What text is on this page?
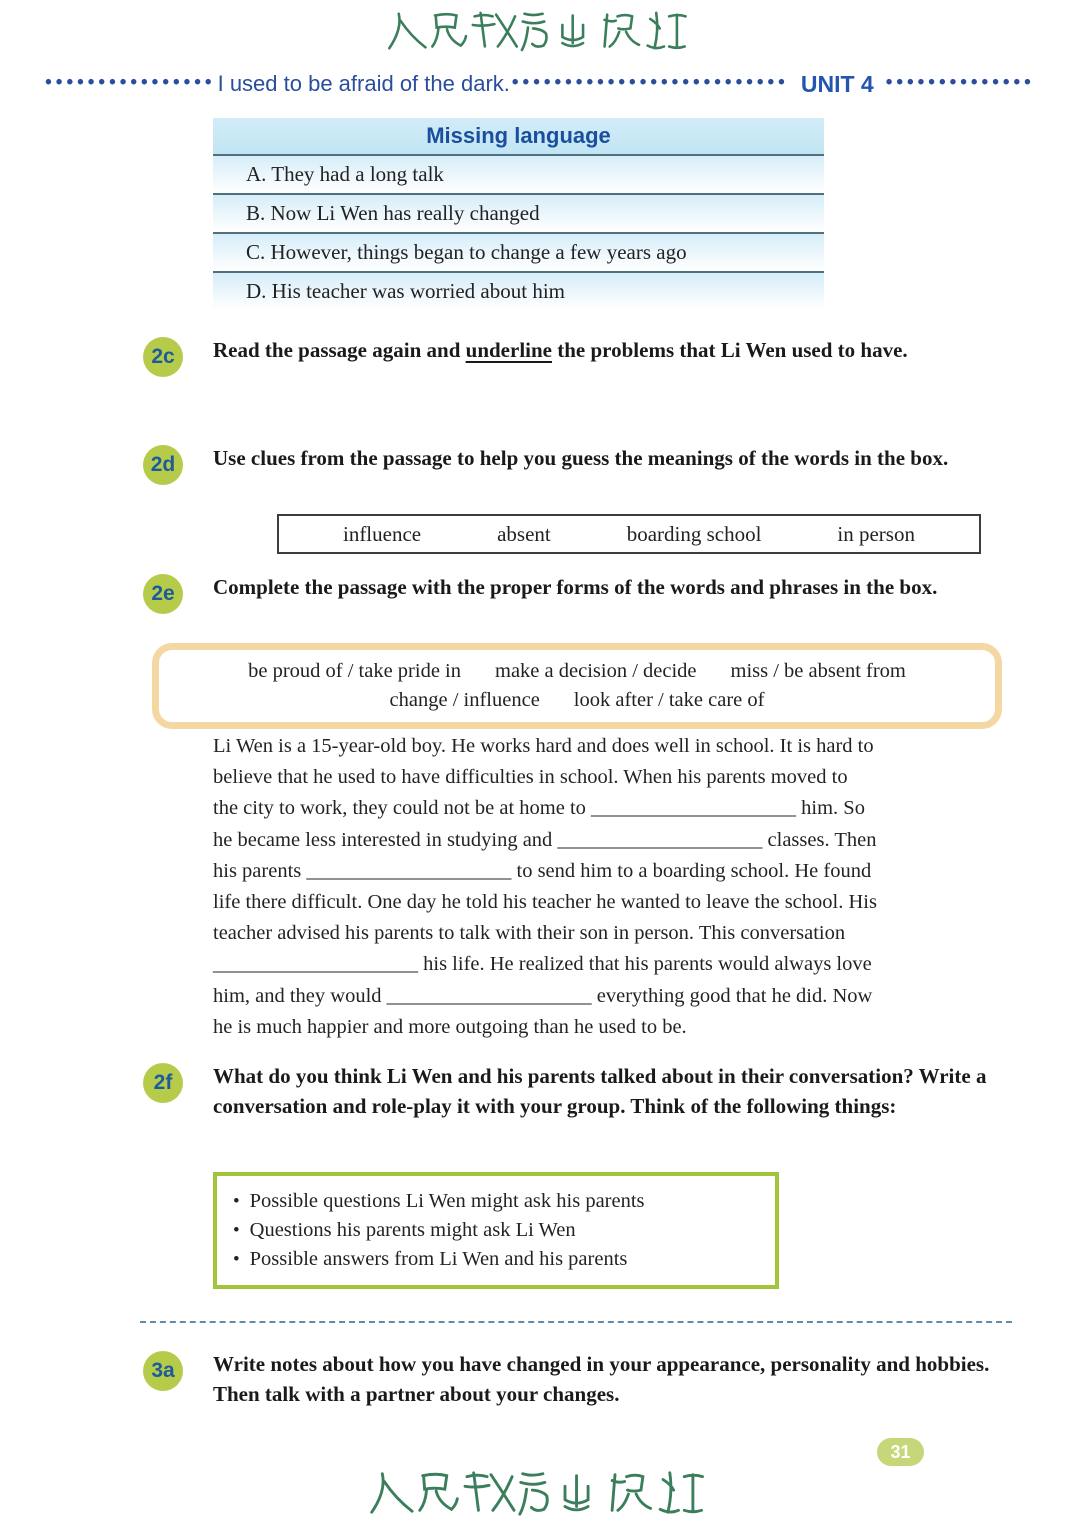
•••••••••••••••• I used to be afraid of the dark. •••••••••••••••••••••••••• UNIT 4 ••••••••••••••
Missing language
A. They had a long talk
B. Now Li Wen has really changed
C. However, things began to change a few years ago
D. His teacher was worried about him
2c	Read the passage again and underline the problems that Li Wen used to have.
2d	Use clues from the passage to help you guess the meanings of the words in the box.
influence	absent	boarding school	in person
2e	Complete the passage with the proper forms of the words and phrases in the box.
be proud of / take pride in make a decision / decide miss / be absent from
change / influence look after / take care of
Li Wen is a 15-year-old boy. He works hard and does well in school. It is hard to
believe that he used to have difficulties in school. When his parents moved to
the city to work, they could not be at home to ____________________ him. So
he became less interested in studying and ____________________ classes. Then
his parents ____________________ to send him to a boarding school. He found
life there difficult. One day he told his teacher he wanted to leave the school. His
teacher advised his parents to talk with their son in person. This conversation
____________________ his life. He realized that his parents would always love
him, and they would ____________________ everything good that he did. Now
he is much happier and more outgoing than he used to be.
2f	What do you think Li Wen and his parents talked about in their conversation? Write a conversation and role-play it with your group. Think of the following things:
• Possible questions Li Wen might ask his parents
• Questions his parents might ask Li Wen
• Possible answers from Li Wen and his parents
3a	Write notes about how you have changed in your appearance, personality and hobbies. Then talk with a partner about your changes.
31
